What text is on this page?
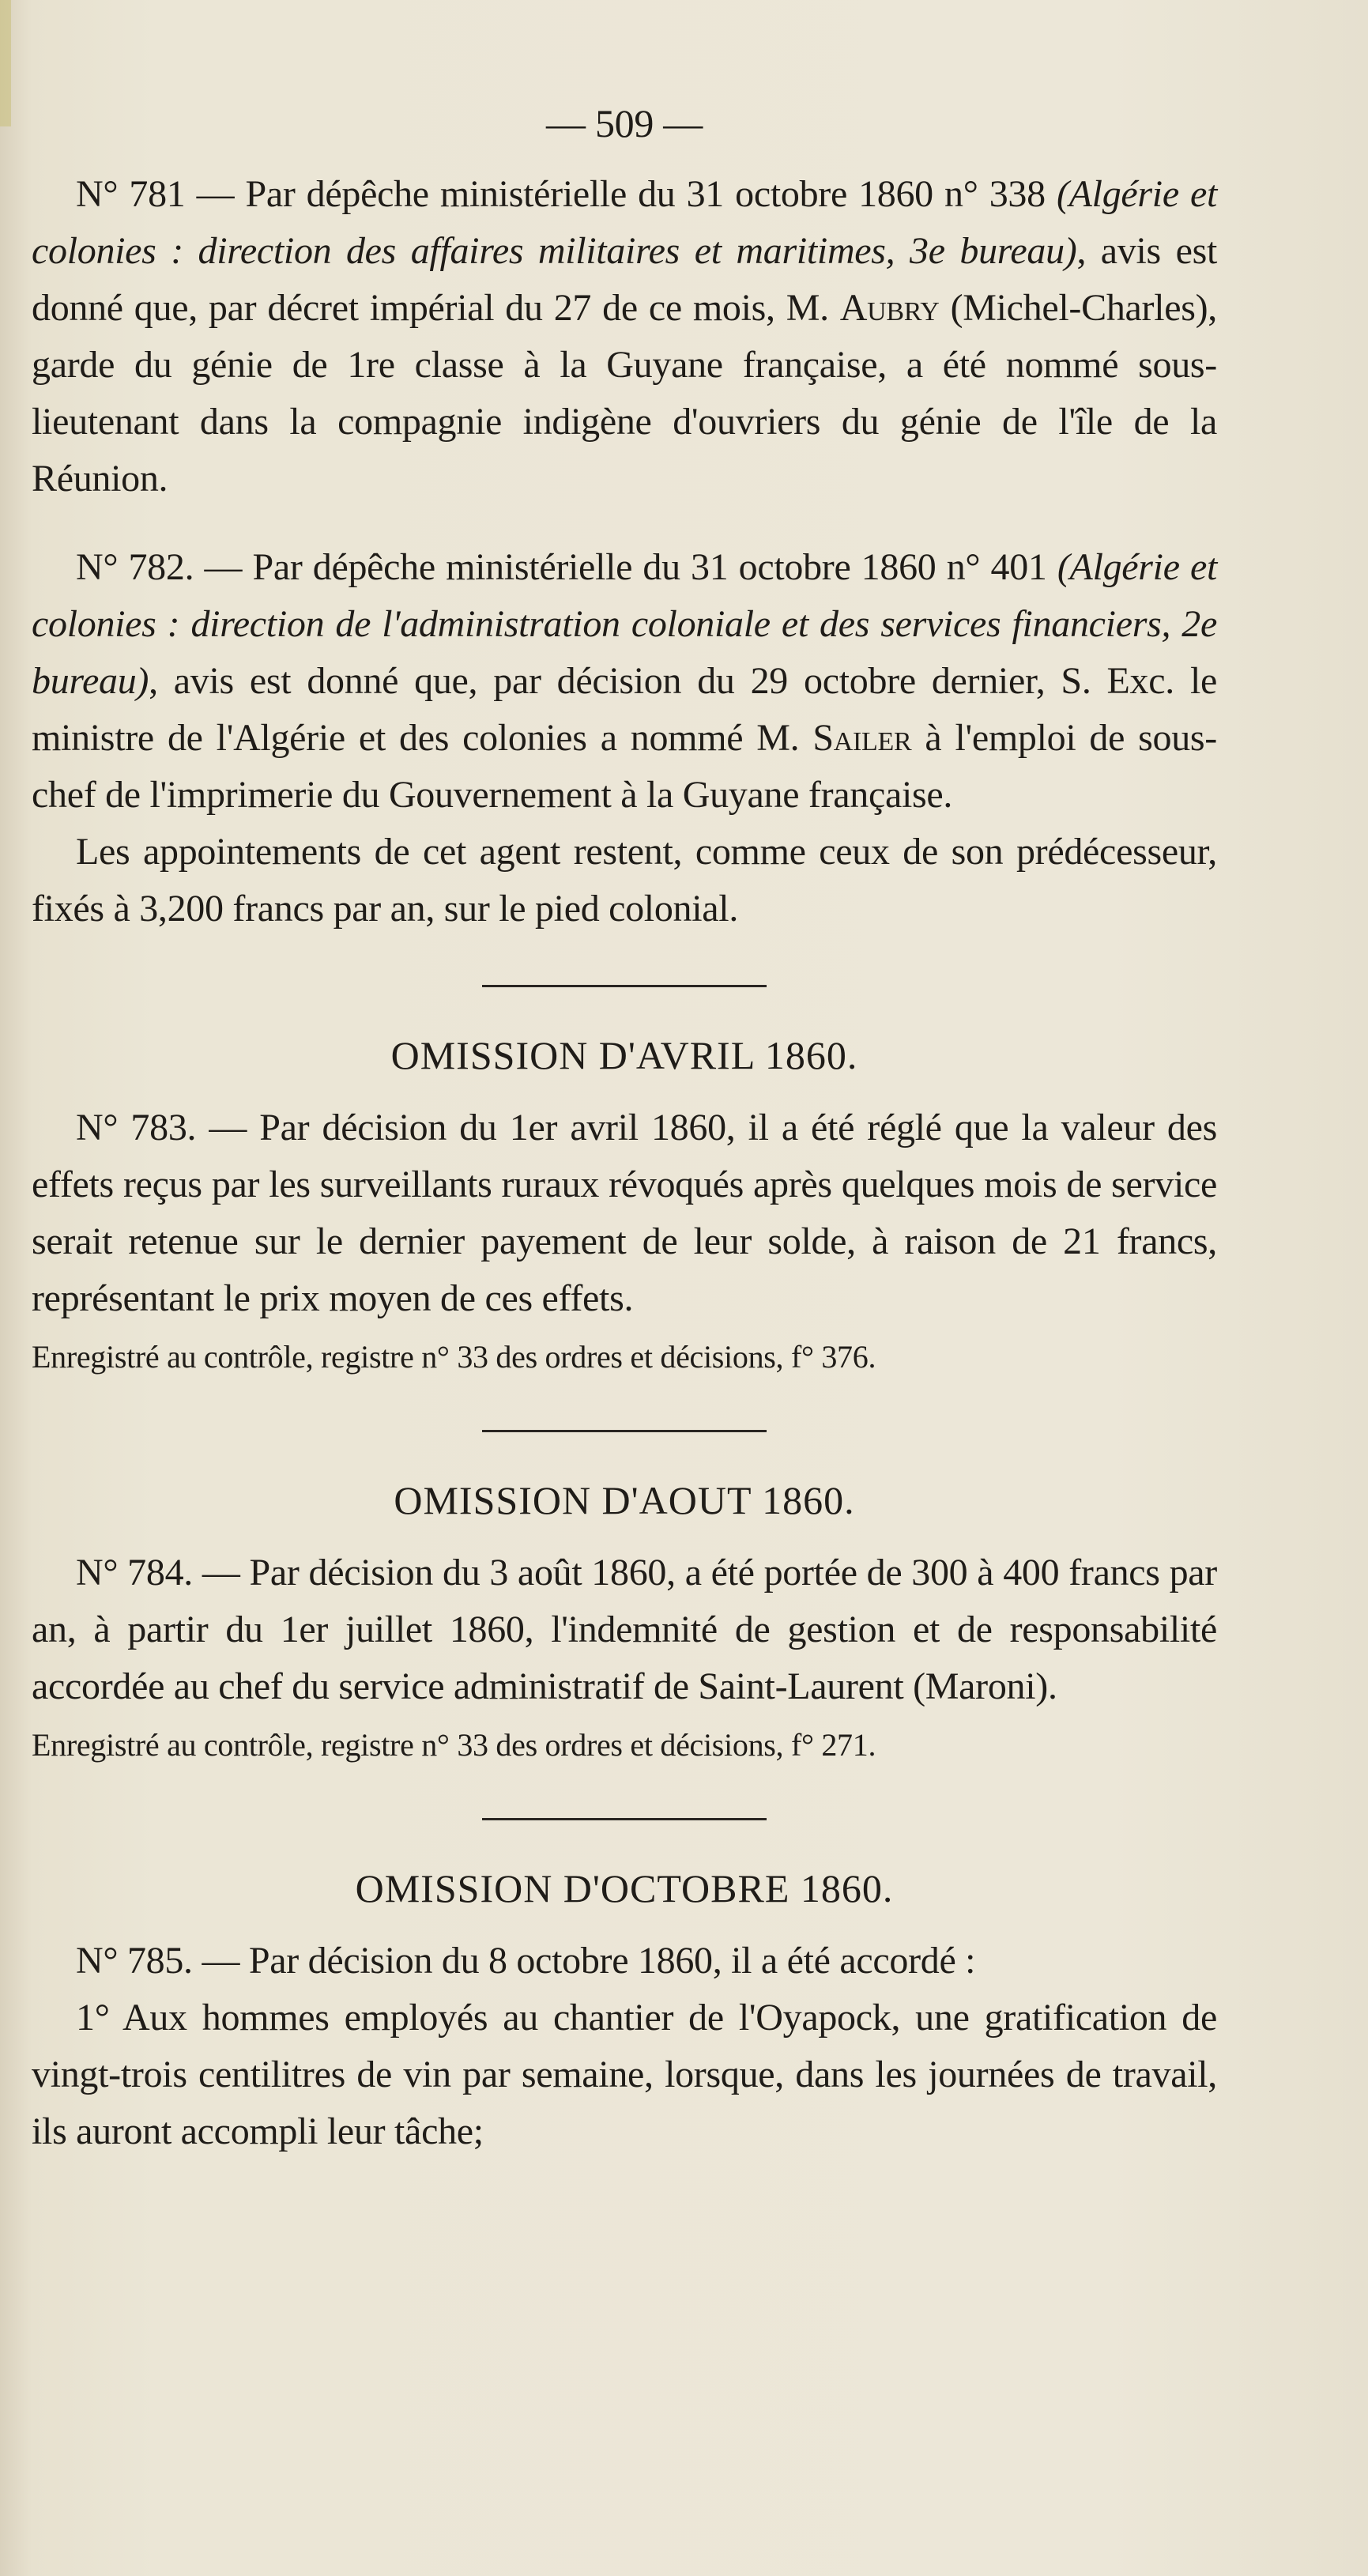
— 509 —

N° 781 — Par dépêche ministérielle du 31 octobre 1860 n° 338 (Algérie et colonies : direction des affaires militaires et maritimes, 3e bureau), avis est donné que, par décret impérial du 27 de ce mois, M. Aubry (Michel-Charles), garde du génie de 1re classe à la Guyane française, a été nommé sous-lieutenant dans la compagnie indigène d'ouvriers du génie de l'île de la Réunion.

N° 782. — Par dépêche ministérielle du 31 octobre 1860 n° 401 (Algérie et colonies : direction de l'administration coloniale et des services financiers, 2e bureau), avis est donné que, par décision du 29 octobre dernier, S. Exc. le ministre de l'Algérie et des colonies a nommé M. Sailer à l'emploi de sous-chef de l'imprimerie du Gouvernement à la Guyane française.

Les appointements de cet agent restent, comme ceux de son prédécesseur, fixés à 3,200 francs par an, sur le pied colonial.

OMISSION D'AVRIL 1860.

N° 783. — Par décision du 1er avril 1860, il a été réglé que la valeur des effets reçus par les surveillants ruraux révoqués après quelques mois de service serait retenue sur le dernier payement de leur solde, à raison de 21 francs, représentant le prix moyen de ces effets.

Enregistré au contrôle, registre n° 33 des ordres et décisions, f° 376.

OMISSION D'AOUT 1860.

N° 784. — Par décision du 3 août 1860, a été portée de 300 à 400 francs par an, à partir du 1er juillet 1860, l'indemnité de gestion et de responsabilité accordée au chef du service administratif de Saint-Laurent (Maroni).

Enregistré au contrôle, registre n° 33 des ordres et décisions, f° 271.

OMISSION D'OCTOBRE 1860.

N° 785. — Par décision du 8 octobre 1860, il a été accordé :

1° Aux hommes employés au chantier de l'Oyapock, une gratification de vingt-trois centilitres de vin par semaine, lorsque, dans les journées de travail, ils auront accompli leur tâche;
